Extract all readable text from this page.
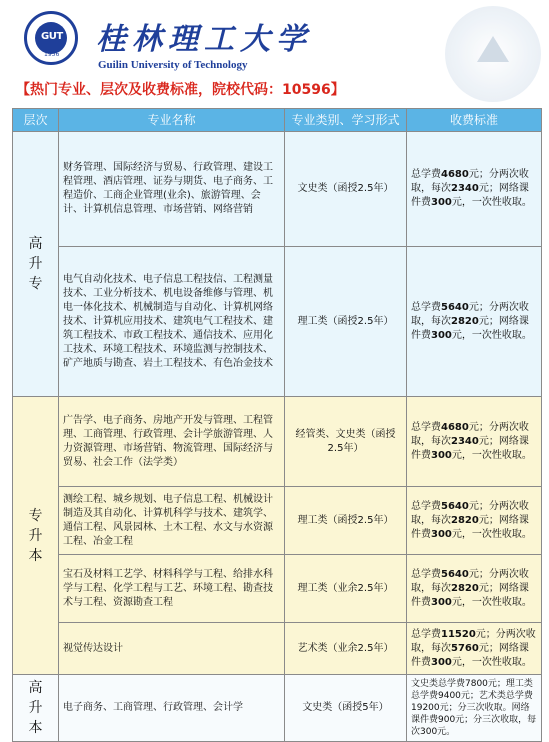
GUT
1956 桂林理工大学
Guilin University of Technology
【热门专业、层次及收费标准，院校代码：10596】
层次	专业名称	专业类别、学习形式	收费标准
高升专	财务管理、国际经济与贸易、行政管理、建设工程管理、酒店管理、证券与期货、电子商务、工程造价、工商企业管理(业余)、旅游管理、会计、计算机信息管理、市场营销、网络营销	文史类（函授2.5年）	总学费4680元；分两次收取，每次2340元；网络课件费300元，一次性收取。
	电气自动化技术、电子信息工程技信、工程测量技术、工业分析技术、机电设备维修与管理、机电一体化技术、机械制造与自动化、计算机网络技术、计算机应用技术、建筑电气工程技术、建筑工程技术、市政工程技术、通信技术、应用化工技术、环境工程技术、环境监测与控制技术、矿产地质与勘查、岩土工程技术、有色冶金技术	理工类（函授2.5年）	总学费5640元；分两次收取，每次2820元；网络课件费300元，一次性收取。
专升本	广告学、电子商务、房地产开发与管理、工程管理、工商管理、行政管理、会计学旅游管理、人力资源管理、市场营销、物流管理、国际经济与贸易、社会工作（法学类）	经管类、文史类（函授2.5年）	总学费4680元；分两次收取，每次2340元；网络课件费300元，一次性收取。
	测绘工程、城乡规划、电子信息工程、机械设计制造及其自动化、计算机科学与技术、建筑学、通信工程、风景园林、土木工程、水文与水资源工程、冶金工程	理工类（函授2.5年）	总学费5640元；分两次收取，每次2820元；网络课件费300元，一次性收取。
	宝石及材料工艺学、材料科学与工程、给排水科学与工程、化学工程与工艺、环境工程、勘查技术与工程、资源勘查工程	理工类（业余2.5年）	总学费5640元；分两次收取，每次2820元；网络课件费300元，一次性收取。
	视觉传达设计	艺术类（业余2.5年）	总学费11520元；分两次收取，每次5760元；网络课件费300元，一次性收取。
高升本	电子商务、工商管理、行政管理、会计学	文史类（函授5年）	文史类总学费7800元；理工类总学费9400元；艺术类总学费19200元；分三次收取。网络课件费900元；分三次收取，每次300元。
